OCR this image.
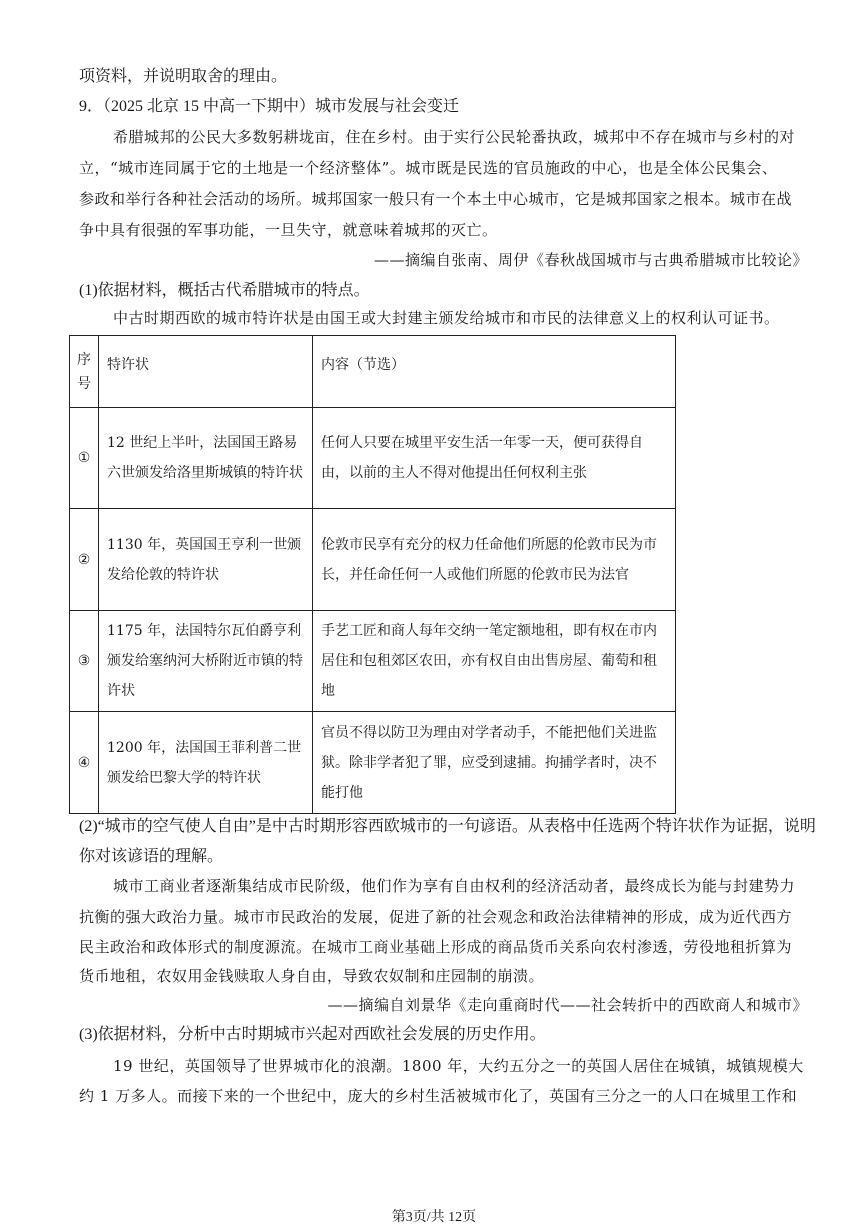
项资料，并说明取舍的理由。
9．（2025 北京 15 中高一下期中）城市发展与社会变迁
希腊城邦的公民大多数躬耕垅亩，住在乡村。由于实行公民轮番执政，城邦中不存在城市与乡村的对
立，“城市连同属于它的土地是一个经济整体”。城市既是民选的官员施政的中心，也是全体公民集会、
参政和举行各种社会活动的场所。城邦国家一般只有一个本土中心城市，它是城邦国家之根本。城市在战
争中具有很强的军事功能，一旦失守，就意味着城邦的灭亡。
——摘编自张南、周伊《春秋战国城市与古典希腊城市比较论》
(1)依据材料，概括古代希腊城市的特点。
中古时期西欧的城市特许状是由国王或大封建主颁发给城市和市民的法律意义上的权利认可证书。
序号	特许状	内容（节选）
①	12 世纪上半叶，法国国王路易六世颁发给洛里斯城镇的特许状	任何人只要在城里平安生活一年零一天，便可获得自由，以前的主人不得对他提出任何权利主张
②	1130 年，英国国王亨利一世颁发给伦敦的特许状	伦敦市民享有充分的权力任命他们所愿的伦敦市民为市长，并任命任何一人或他们所愿的伦敦市民为法官
③	1175 年，法国特尔瓦伯爵亨利颁发给塞纳河大桥附近市镇的特许状	手艺工匠和商人每年交纳一笔定额地租，即有权在市内居住和包租郊区农田，亦有权自由出售房屋、葡萄和租地
④	1200 年，法国国王菲利普二世颁发给巴黎大学的特许状	官员不得以防卫为理由对学者动手，不能把他们关进监狱。除非学者犯了罪，应受到逮捕。拘捕学者时，决不能打他
(2)“城市的空气使人自由”是中古时期形容西欧城市的一句谚语。从表格中任选两个特许状作为证据，说明
你对该谚语的理解。
城市工商业者逐渐集结成市民阶级，他们作为享有自由权利的经济活动者，最终成长为能与封建势力
抗衡的强大政治力量。城市市民政治的发展，促进了新的社会观念和政治法律精神的形成，成为近代西方
民主政治和政体形式的制度源流。在城市工商业基础上形成的商品货币关系向农村渗透，劳役地租折算为
货币地租，农奴用金钱赎取人身自由，导致农奴制和庄园制的崩溃。
——摘编自刘景华《走向重商时代——社会转折中的西欧商人和城市》
(3)依据材料，分析中古时期城市兴起对西欧社会发展的历史作用。
19 世纪，英国领导了世界城市化的浪潮。1800 年，大约五分之一的英国人居住在城镇，城镇规模大
约 1 万多人。而接下来的一个世纪中，庞大的乡村生活被城市化了，英国有三分之一的人口在城里工作和
第3页/共 12页
